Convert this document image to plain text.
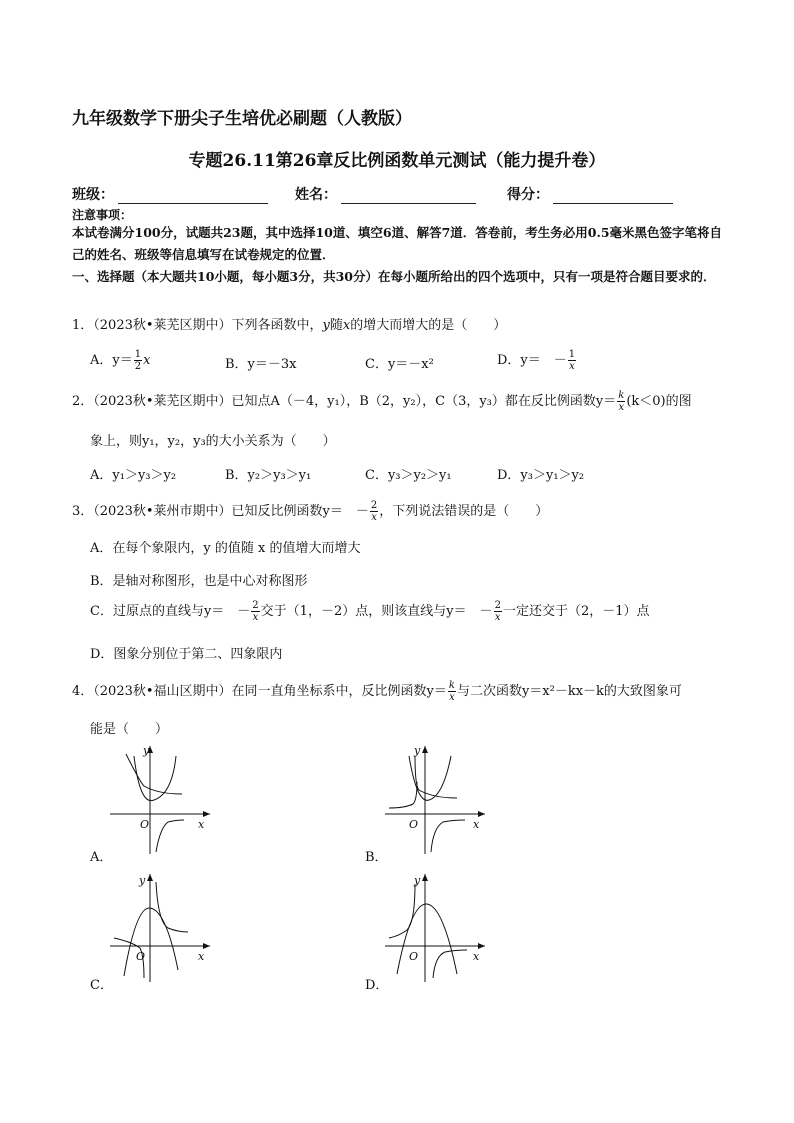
九年级数学下册尖子生培优必刷题（人教版）
专题26.11第26章反比例函数单元测试（能力提升卷）
班级：	姓名：	得分：
注意事项：
本试卷满分100分，试题共23题，其中选择10道、填空6道、解答7道．答卷前，考生务必用0.5毫米黑色签字笔将自己的姓名、班级等信息填写在试卷规定的位置．
一、选择题（本大题共10小题，每小题3分，共30分）在每小题所给出的四个选项中，只有一项是符合题目要求的．
1．（2023秋•莱芜区期中）下列各函数中，y随x的增大而增大的是（　　）
A．$y= \frac{1}{2}$ x	B．y＝－3x	C．y＝－x²	D．y＝　－ $\frac{1}{x}$
2．（2023秋•莱芜区期中）已知点A（－4，y₁），B（2，y₂），C（3，y₃）都在反比例函数$y= \frac{k}{x} (k<0)$的图
象上，则y₁，y₂，y₃的大小关系为（　　）
A．y₁＞y₃＞y₂	B．y₂＞y₃＞y₁	C．y₃＞y₂＞y₁	D．y₃＞y₁＞y₂
3．（2023秋•莱州市期中）已知反比例函数y＝　－ $\frac{2}{x}$ ，下列说法错误的是（　　）
A．在每个象限内，y 的值随 x 的值增大而增大
B．是轴对称图形，也是中心对称图形
C．过原点的直线与y＝　－ $\frac{2}{x}$ 交于（1，－2）点，则该直线与y＝　－ $\frac{2}{x}$ 一定还交于（2，－1）点
D．图象分别位于第二、四象限内
4．（2023秋•福山区期中）在同一直角坐标系中，反比例函数$y= \frac{k}{x}$ 与二次函数y＝x²－kx－k的大致图象可
能是（　　）
y
x
O
A．
y
x
O
B．
y
x
O
C．
y
x
O
D．
